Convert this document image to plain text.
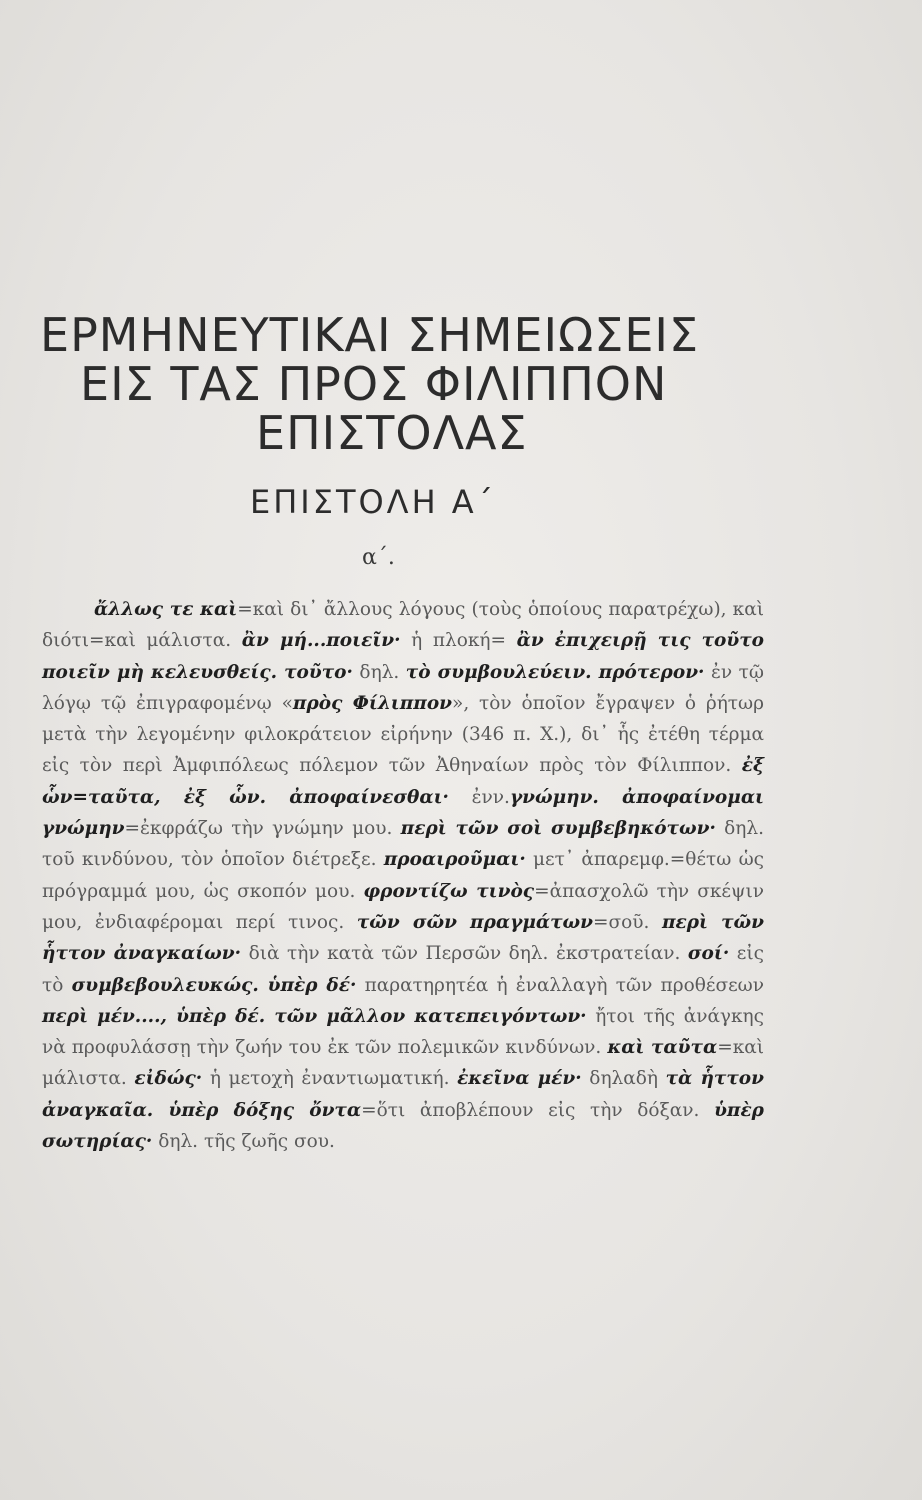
ΕΡΜΗΝΕΥΤΙΚΑΙ ΣΗΜΕΙΩΣΕΙΣ
ΕΙΣ ΤΑΣ ΠΡΟΣ ΦΙΛΙΠΠΟΝ
ΕΠΙΣΤΟΛΑΣ
ΕΠΙΣΤΟΛΗ Α΄
α΄.

ἄλλως τε καὶ=καὶ δι᾿ ἄλλους λόγους (τοὺς ὁποίους παρατρέχω), καὶ διότι=καὶ μάλιστα. ἂν μή...ποιεῖν· ἡ πλοκή= ἂν ἐπιχειρῇ τις τοῦτο ποιεῖν μὴ κελευσθείς. τοῦτο· δηλ. τὸ συμβουλεύειν. πρότερον· ἐν τῷ λόγῳ τῷ ἐπιγραφομένῳ «πρὸς Φίλιππον», τὸν ὁποῖον ἔγραψεν ὁ ῥήτωρ μετὰ τὴν λεγομένην φιλοκράτειον εἰρήνην (346 π. Χ.), δι᾿ ἧς ἐτέθη τέρμα εἰς τὸν περὶ Ἀμφιπόλεως πόλεμον τῶν Ἀθηναίων πρὸς τὸν Φίλιππον. ἐξ ὧν=ταῦτα, ἐξ ὧν. ἀποφαίνεσθαι· ἐνν.γνώμην. ἀποφαίνομαι γνώμην=ἐκφράζω τὴν γνώμην μου. περὶ τῶν σοὶ συμβεβηκότων· δηλ. τοῦ κινδύνου, τὸν ὁποῖον διέτρεξε. προαιροῦμαι· μετ᾿ ἀπαρεμφ.=θέτω ὡς πρόγραμμά μου, ὡς σκοπόν μου. φροντίζω τινὸς=ἀπασχολῶ τὴν σκέψιν μου, ἐνδιαφέρομαι περί τινος. τῶν σῶν πραγμάτων=σοῦ. περὶ τῶν ἧττον ἀναγκαίων· διὰ τὴν κατὰ τῶν Περσῶν δηλ. ἐκστρατείαν. σοί· εἰς τὸ συμβεβουλευκώς. ὑπὲρ δέ· παρατηρητέα ἡ ἐναλλαγὴ τῶν προθέσεων περὶ μέν...., ὑπὲρ δέ. τῶν μᾶλλον κατεπειγόντων· ἤτοι τῆς ἀνάγκης νὰ προφυλάσσῃ τὴν ζωήν του ἐκ τῶν πολεμικῶν κινδύνων. καὶ ταῦτα=καὶ μάλιστα. εἰδώς· ἡ μετοχὴ ἐναντιωματική. ἐκεῖνα μέν· δηλαδὴ τὰ ἧττον ἀναγκαῖα. ὑπὲρ δόξης ὄντα=ὅτι ἀποβλέπουν εἰς τὴν δόξαν. ὑπὲρ σωτηρίας· δηλ. τῆς ζωῆς σου.
